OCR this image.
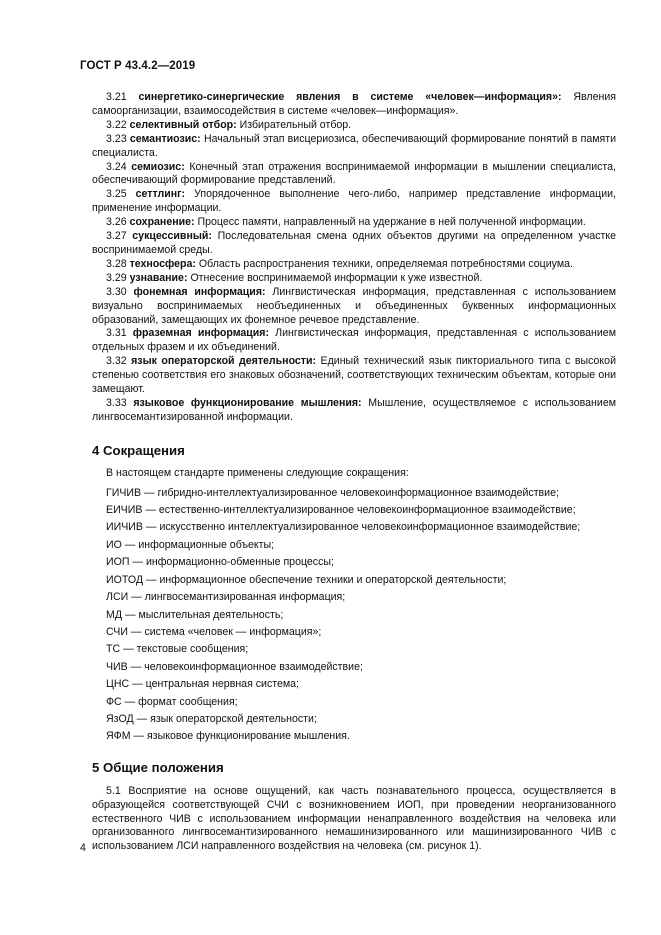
ГОСТ Р 43.4.2—2019

3.21 синергетико-синергические явления в системе «человек—информация»: Явления самоорганизации, взаимосодействия в системе «человек—информация».

3.22 селективный отбор: Избирательный отбор.

3.23 семантиозис: Начальный этап висцериозиса, обеспечивающий формирование понятий в памяти специалиста.

3.24 семиозис: Конечный этап отражения воспринимаемой информации в мышлении специалиста, обеспечивающий формирование представлений.

3.25 сеттлинг: Упорядоченное выполнение чего-либо, например представление информации, применение информации.

3.26 сохранение: Процесс памяти, направленный на удержание в ней полученной информации.

3.27 сукцессивный: Последовательная смена одних объектов другими на определенном участке воспринимаемой среды.

3.28 техносфера: Область распространения техники, определяемая потребностями социума.

3.29 узнавание: Отнесение воспринимаемой информации к уже известной.

3.30 фонемная информация: Лингвистическая информация, представленная с использованием визуально воспринимаемых необъединенных и объединенных буквенных информационных образований, замещающих их фонемное речевое представление.

3.31 фраземная информация: Лингвистическая информация, представленная с использованием отдельных фразем и их объединений.

3.32 язык операторской деятельности: Единый технический язык пикториального типа с высокой степенью соответствия его знаковых обозначений, соответствующих техническим объектам, которые они замещают.

3.33 языковое функционирование мышления: Мышление, осуществляемое с использованием лингвосемантизированной информации.

4 Сокращения

В настоящем стандарте применены следующие сокращения:

ГИЧИВ — гибридно-интеллектуализированное человекоинформационное взаимодействие;
ЕИЧИВ — естественно-интеллектуализированное человекоинформационное взаимодействие;
ИИЧИВ — искусственно интеллектуализированное человекоинформационное взаимодействие;
ИО — информационные объекты;
ИОП — информационно-обменные процессы;
ИОТОД — информационное обеспечение техники и операторской деятельности;
ЛСИ — лингвосемантизированная информация;
МД — мыслительная деятельность;
СЧИ — система «человек — информация»;
ТС — текстовые сообщения;
ЧИВ — человекоинформационное взаимодействие;
ЦНС — центральная нервная система;
ФС — формат сообщения;
ЯзОД — язык операторской деятельности;
ЯФМ — языковое функционирование мышления.
5 Общие положения

5.1 Восприятие на основе ощущений, как часть познавательного процесса, осуществляется в образующейся соответствующей СЧИ с возникновением ИОП, при проведении неорганизованного естественного ЧИВ с использованием информации ненаправленного воздействия на человека или организованного лингвосемантизированного немашинизированного или машинизированного ЧИВ с использованием ЛСИ направленного воздействия на человека (см. рисунок 1).

4
